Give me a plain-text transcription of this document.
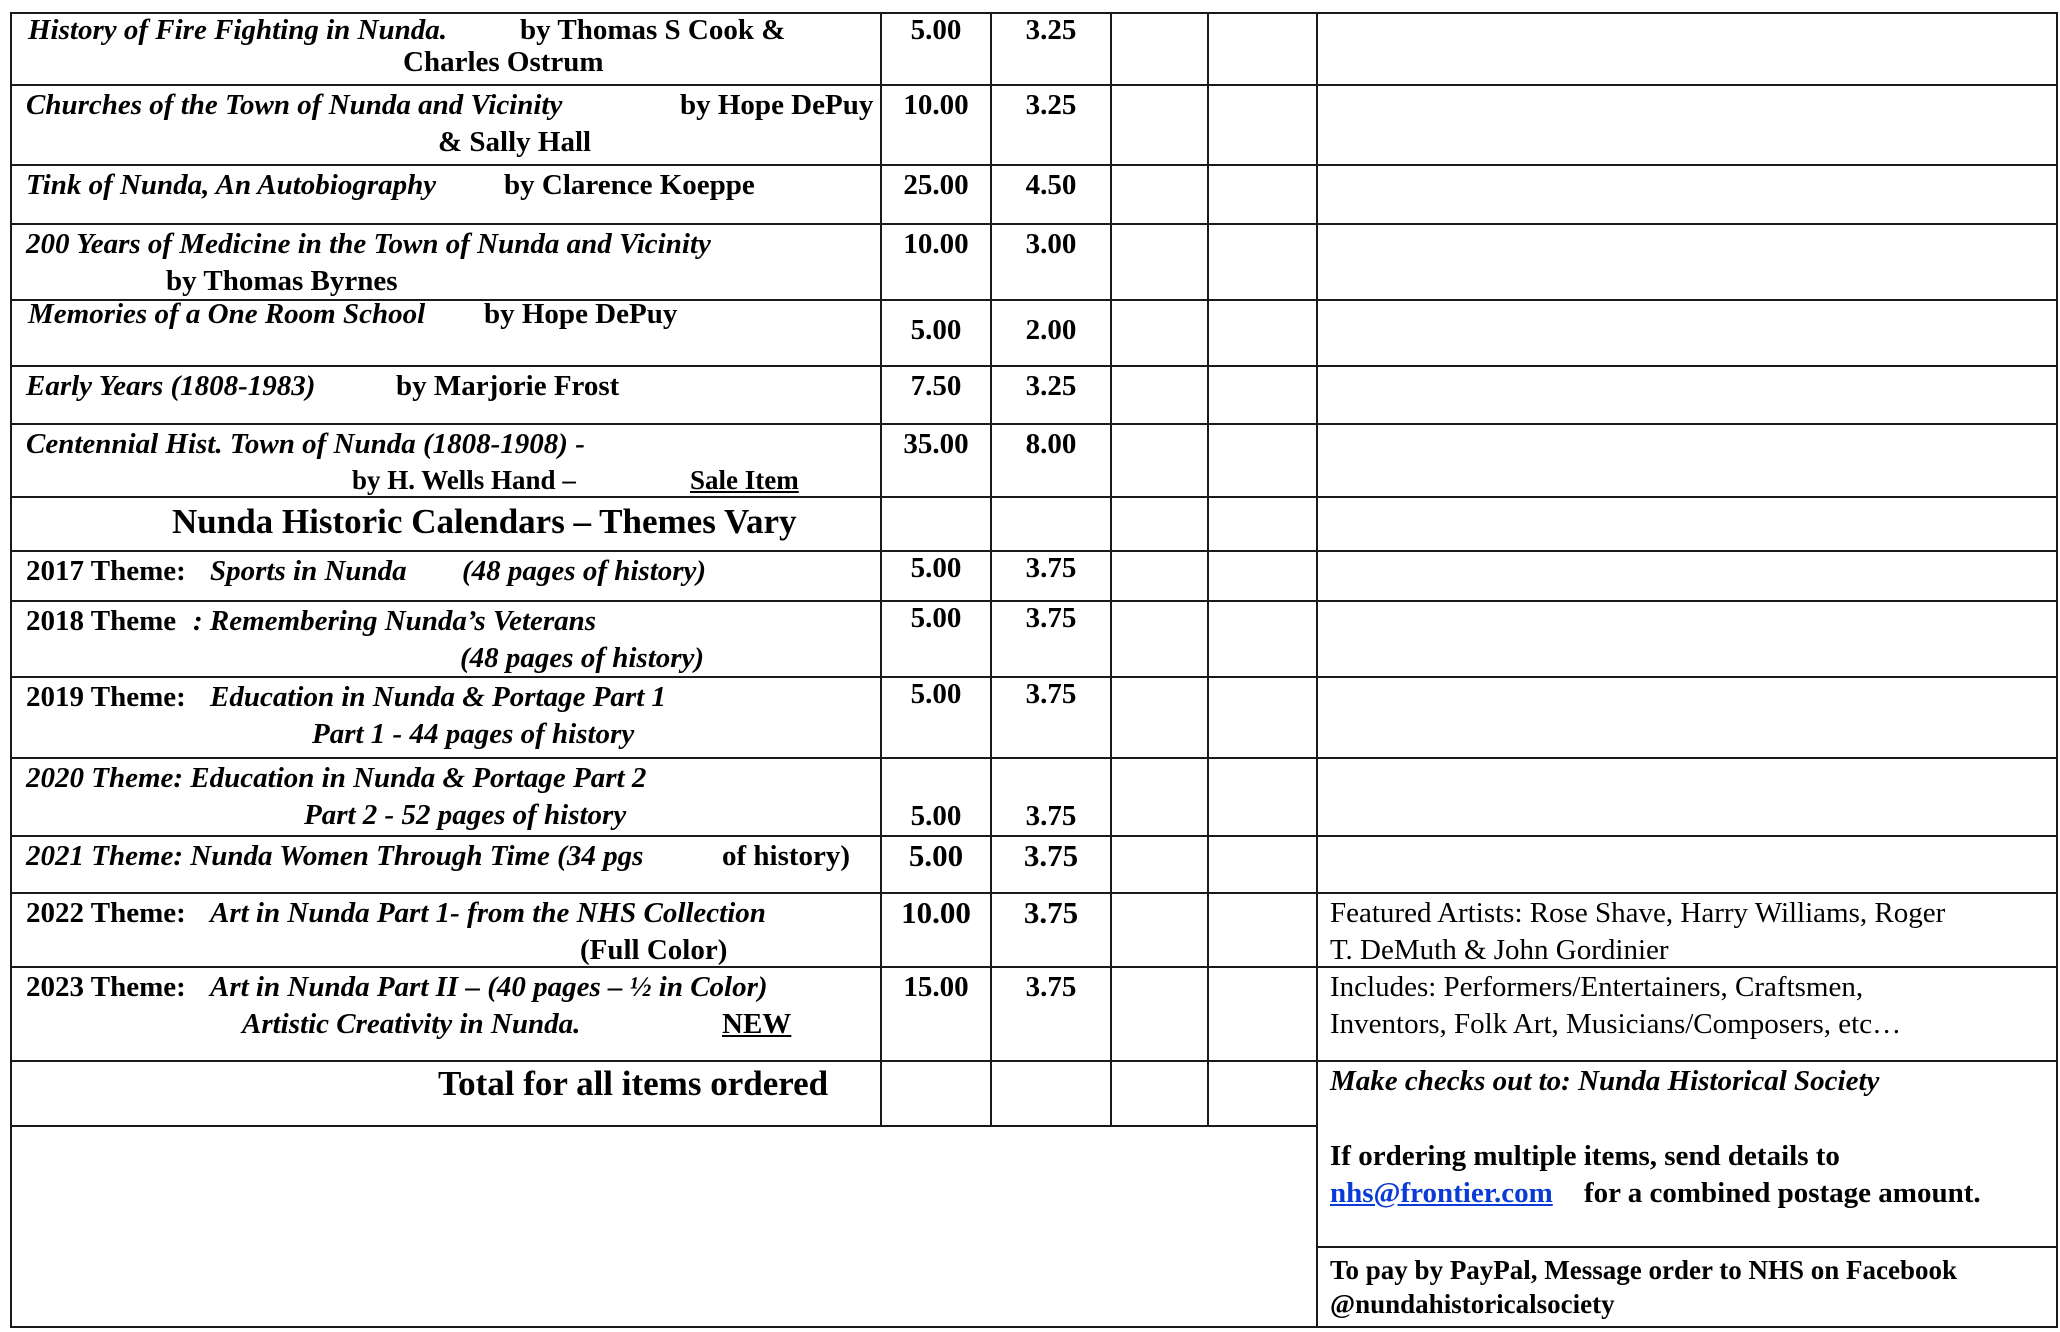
History of Fire Fighting in Nunda.	by Thomas S Cook &
Charles Ostrum
5.00	3.25
Churches of the Town of Nunda and Vicinity	by Hope DePuy
& Sally Hall
10.00	3.25
Tink of Nunda, An Autobiography by Clarence Koeppe	25.00	4.50
200 Years of Medicine in the Town of Nunda and Vicinity
by Thomas Byrnes
10.00	3.00
Memories of a One Room School by Hope DePuy	5.00	2.00
Early Years (1808-1983)	by Marjorie Frost	7.50	3.25
Centennial Hist. Town of Nunda (1808-1908) -
by H. Wells Hand –	Sale Item
35.00	8.00
Nunda Historic Calendars – Themes Vary
2017 Theme: Sports in Nunda (48 pages of history)	5.00	3.75
2018 Theme : Remembering Nunda’s Veterans
(48 pages of history)
5.00	3.75
2019 Theme: Education in Nunda & Portage Part 1
Part 1 - 44 pages of history
5.00	3.75
2020 Theme: Education in Nunda & Portage Part 2
Part 2 - 52 pages of history	5.00	3.75
2021 Theme: Nunda Women Through Time (34 pgs	of history)	5.00	3.75
2022 Theme: Art in Nunda Part 1- from the NHS Collection
(Full Color)
10.00	3.75	Featured Artists: Rose Shave, Harry Williams, Roger
T. DeMuth & John Gordinier
2023 Theme: Art in Nunda Part II – (40 pages – ½ in Color)
Artistic Creativity in Nunda.	NEW
15.00	3.75	Includes: Performers/Entertainers, Craftsmen,
Inventors, Folk Art, Musicians/Composers, etc…
Total for all items ordered	Make checks out to: Nunda Historical Society
If ordering multiple items, send details to
nhs@frontier.com for a combined postage amount.
To pay by PayPal, Message order to NHS on Facebook
@nundahistoricalsociety
